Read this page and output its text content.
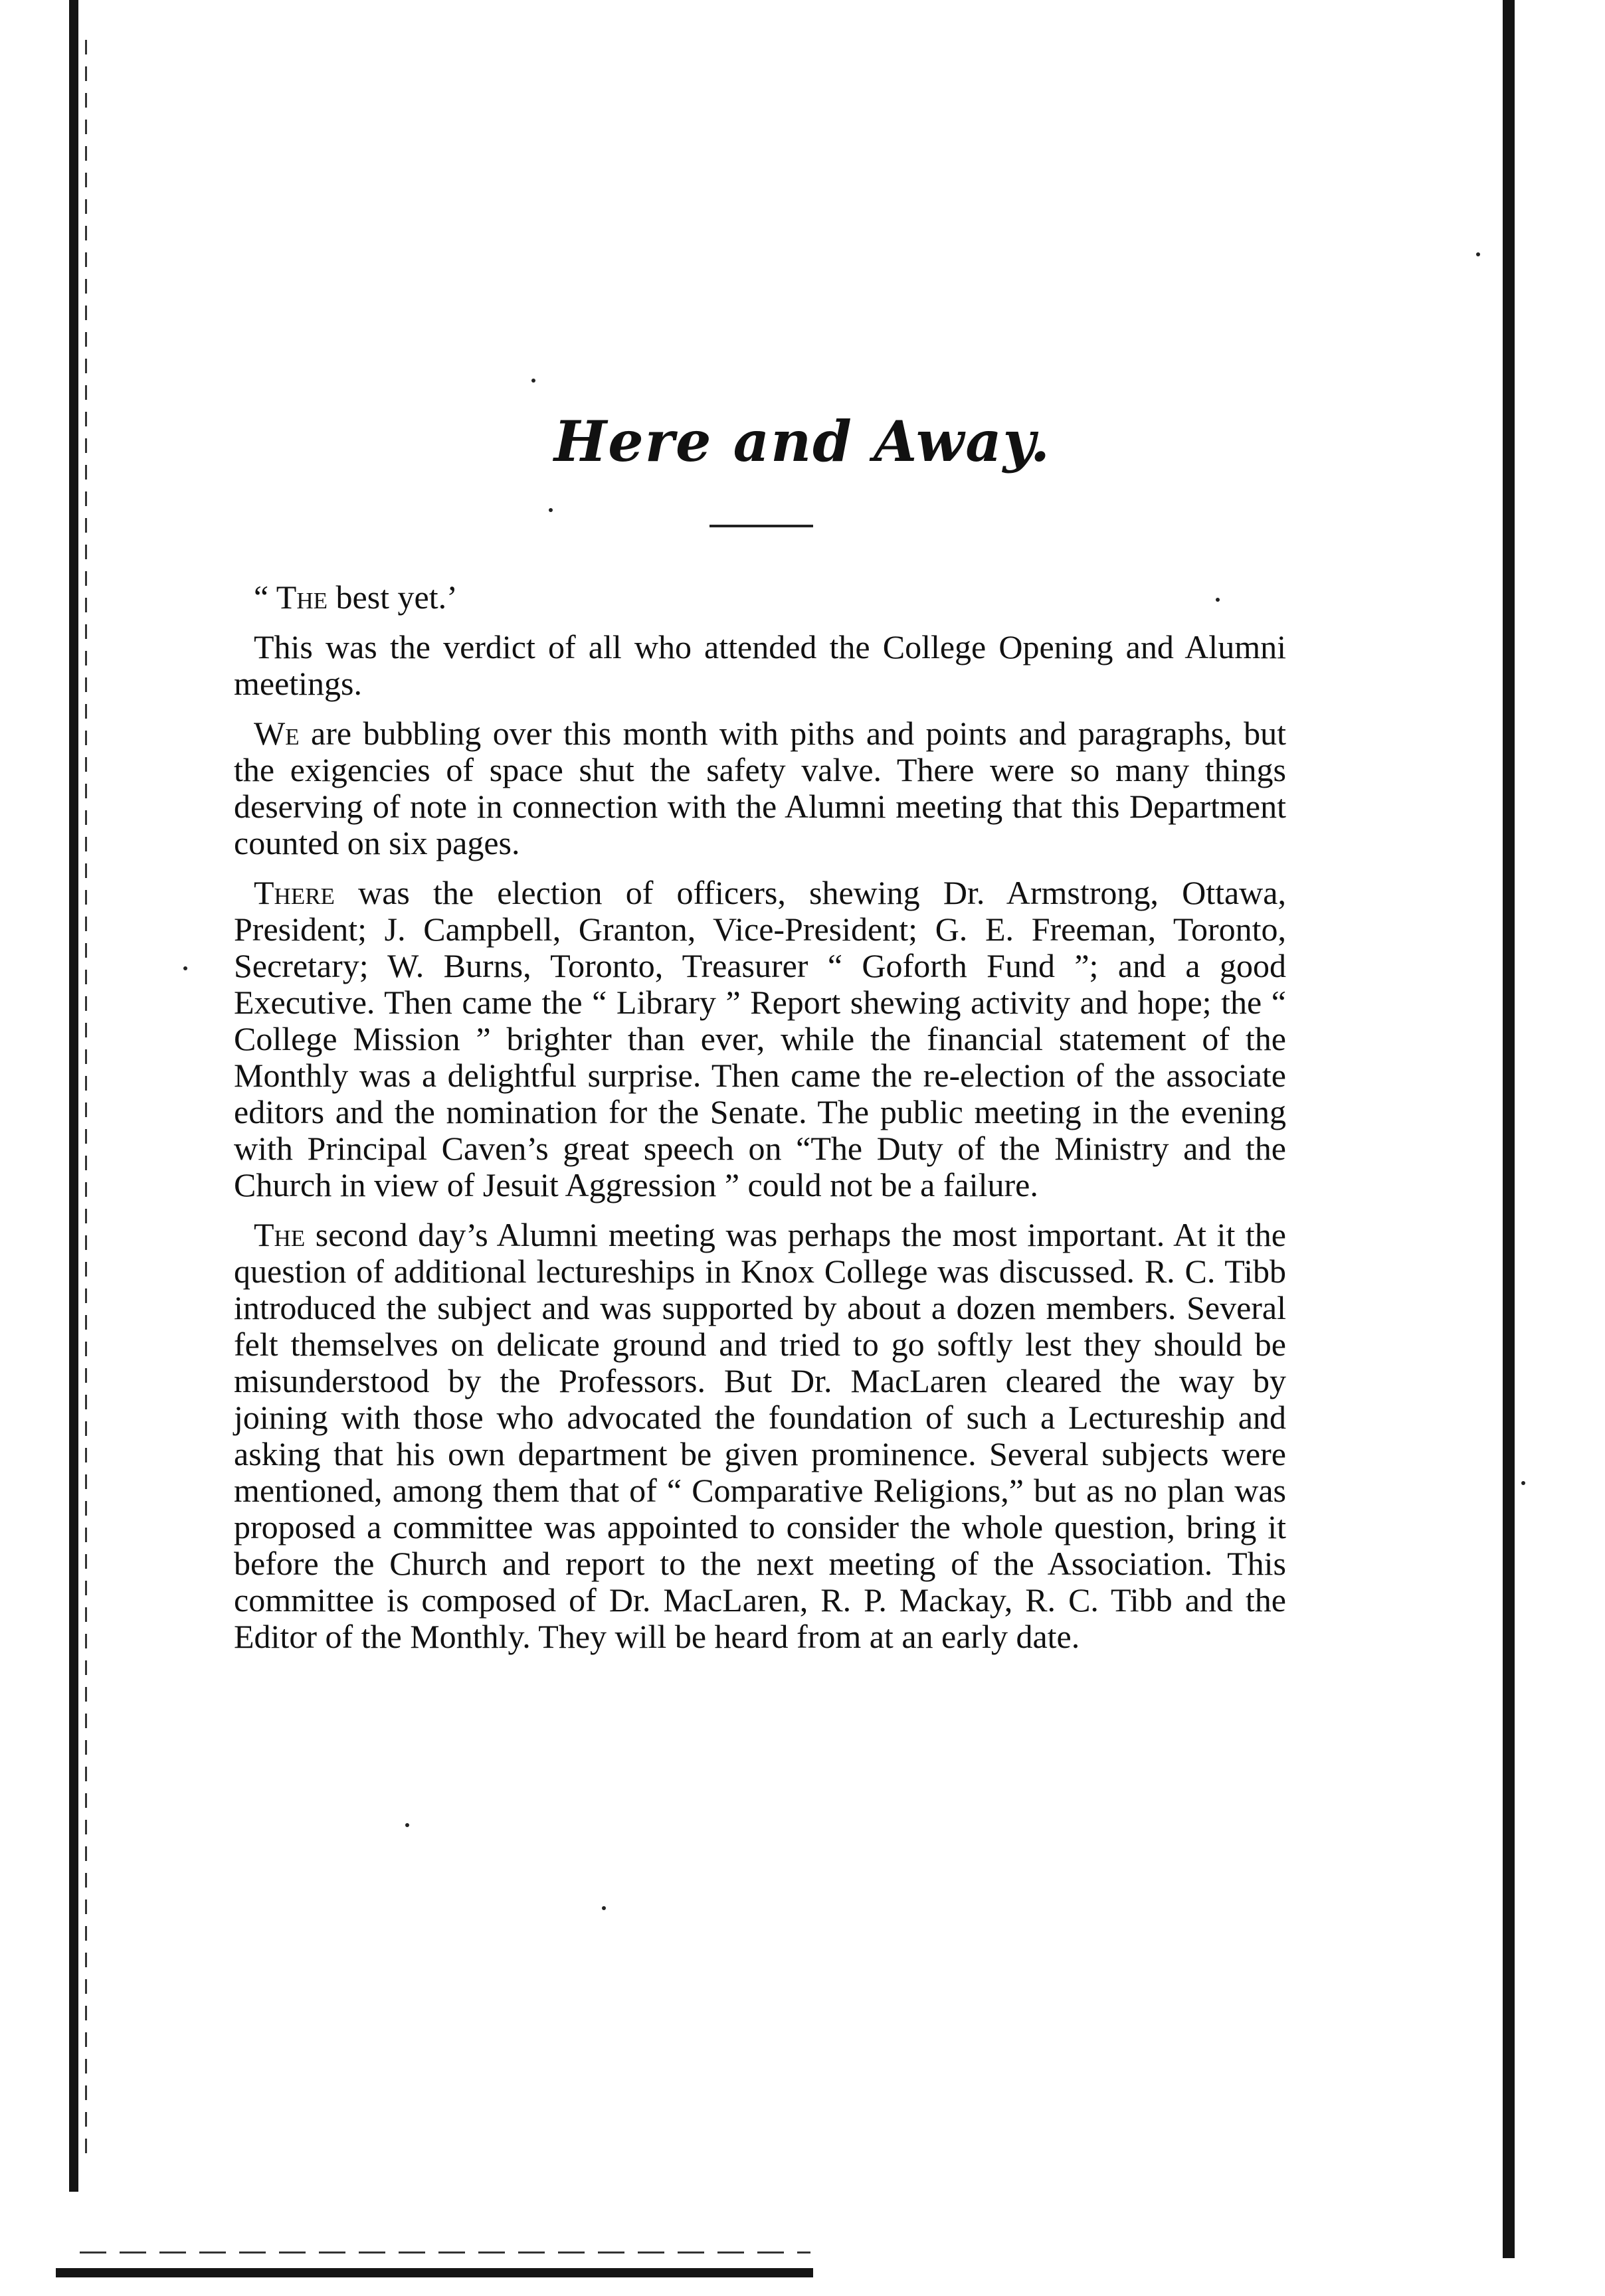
Here and Away.

“ The best yet.’

This was the verdict of all who attended the College Opening and Alumni meetings.

We are bubbling over this month with piths and points and paragraphs, but the exigencies of space shut the safety valve. There were so many things deserving of note in connection with the Alumni meeting that this Department counted on six pages.

There was the election of officers, shewing Dr. Armstrong, Ottawa, President; J. Campbell, Granton, Vice-President; G. E. Freeman, Toronto, Secretary; W. Burns, Toronto, Treasurer “ Goforth Fund ”; and a good Executive. Then came the “ Library ” Report shewing activity and hope; the “ College Mission ” brighter than ever, while the financial statement of the Monthly was a delightful surprise. Then came the re-election of the associate editors and the nomination for the Senate. The public meeting in the evening with Principal Caven’s great speech on “The Duty of the Ministry and the Church in view of Jesuit Aggression ” could not be a failure.

The second day’s Alumni meeting was perhaps the most important. At it the question of additional lectureships in Knox College was discussed. R. C. Tibb introduced the subject and was supported by about a dozen members. Several felt themselves on delicate ground and tried to go softly lest they should be misunderstood by the Professors. But Dr. MacLaren cleared the way by joining with those who advocated the foundation of such a Lectureship and asking that his own department be given prominence. Several subjects were mentioned, among them that of “ Comparative Religions,” but as no plan was proposed a committee was appointed to consider the whole question, bring it before the Church and report to the next meeting of the Association. This committee is composed of Dr. MacLaren, R. P. Mackay, R. C. Tibb and the Editor of the Monthly. They will be heard from at an early date.
